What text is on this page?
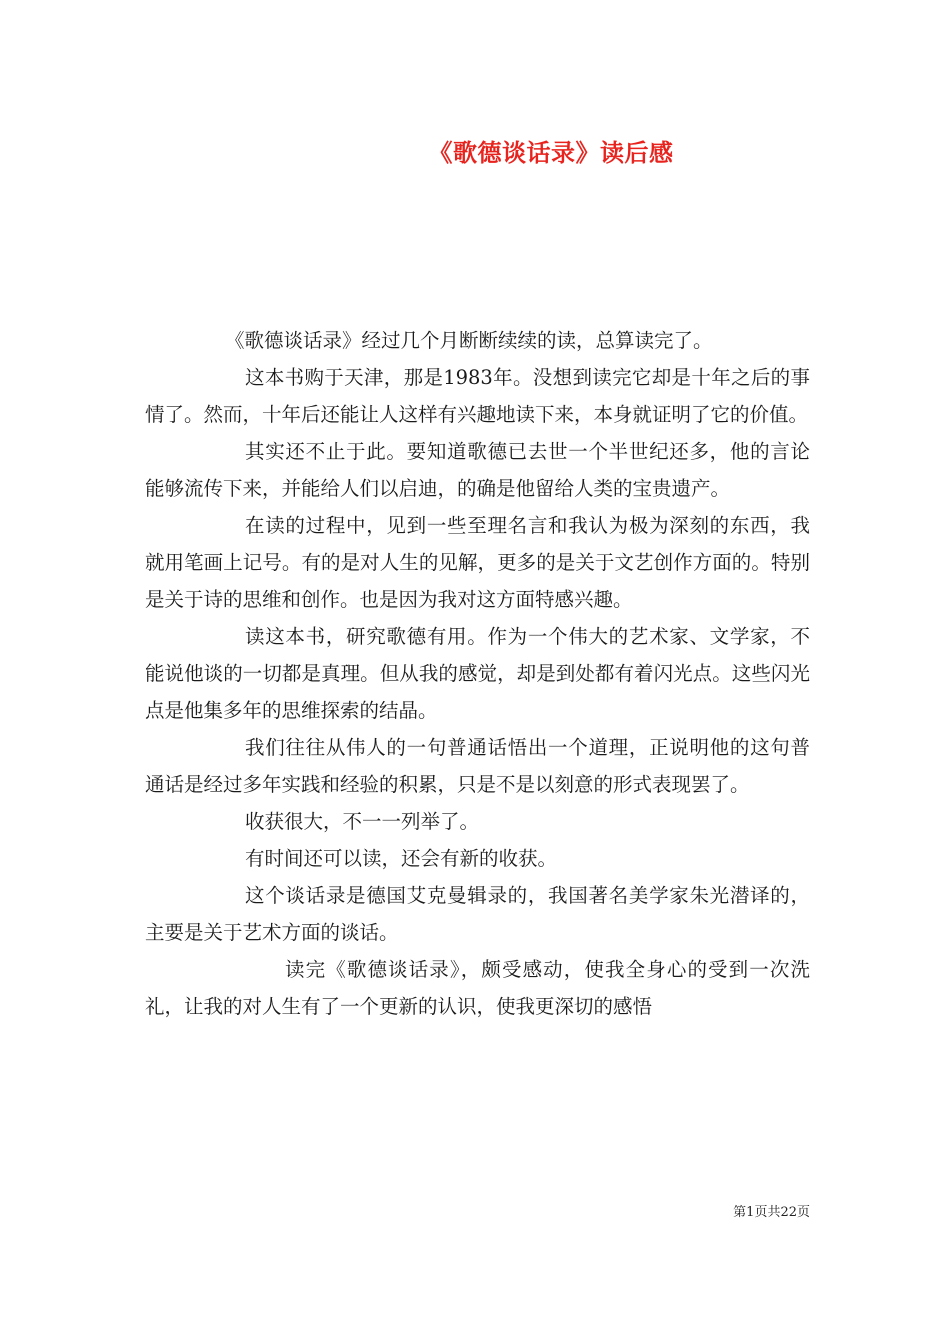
《歌德谈话录》读后感

《歌德谈话录》经过几个月断断续续的读，总算读完了。

这本书购于天津，那是1983年。没想到读完它却是十年之后的事情了。然而，十年后还能让人这样有兴趣地读下来，本身就证明了它的价值。

其实还不止于此。要知道歌德已去世一个半世纪还多，他的言论能够流传下来，并能给人们以启迪，的确是他留给人类的宝贵遗产。

在读的过程中，见到一些至理名言和我认为极为深刻的东西，我就用笔画上记号。有的是对人生的见解，更多的是关于文艺创作方面的。特别是关于诗的思维和创作。也是因为我对这方面特感兴趣。

读这本书，研究歌德有用。作为一个伟大的艺术家、文学家，不能说他谈的一切都是真理。但从我的感觉，却是到处都有着闪光点。这些闪光点是他集多年的思维探索的结晶。

我们往往从伟人的一句普通话悟出一个道理，正说明他的这句普通话是经过多年实践和经验的积累，只是不是以刻意的形式表现罢了。

收获很大，不一一列举了。

有时间还可以读，还会有新的收获。

这个谈话录是德国艾克曼辑录的，我国著名美学家朱光潜译的，主要是关于艺术方面的谈话。

读完《歌德谈话录》，颇受感动，使我全身心的受到一次洗礼，让我的对人生有了一个更新的认识，使我更深切的感悟

第1页共22页
